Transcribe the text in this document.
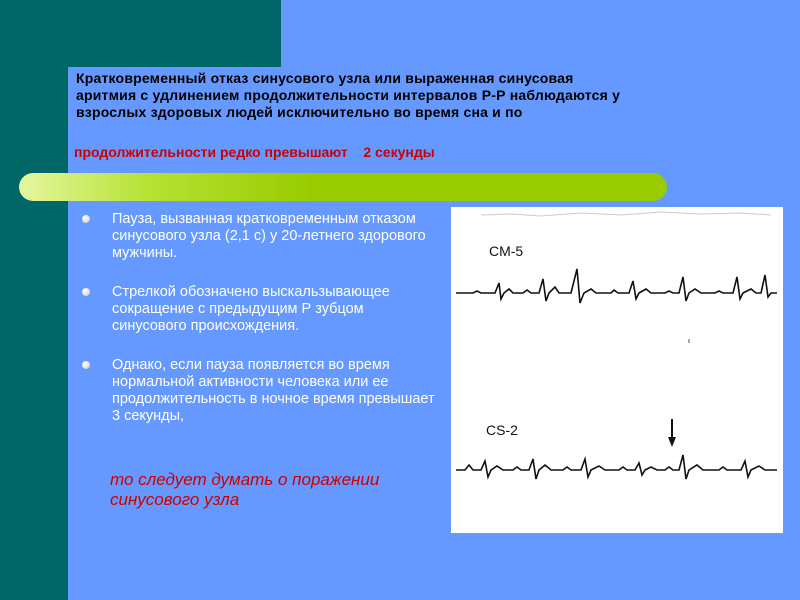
Кратковременный отказ синусового узла или выраженная синусовая
аритмия с удлинением продолжительности интервалов Р-Р наблюдаются у
взрослых здоровых людей исключительно во время сна и по
продолжительности редко превышают    2 секунды
Пауза, вызванная кратковременным отказом синусового узла (2,1 с) у 20-летнего здорового мужчины.
Стрелкой обозначено выскальзывающее сокращение с предыдущим Р зубцом синусового происхождения.
Однако, если пауза появляется во время нормальной активности человека или ее продолжительность в ночное время превышает 3 секунды,
то следует думать о поражении синусового узла
CM-5
CS-2
